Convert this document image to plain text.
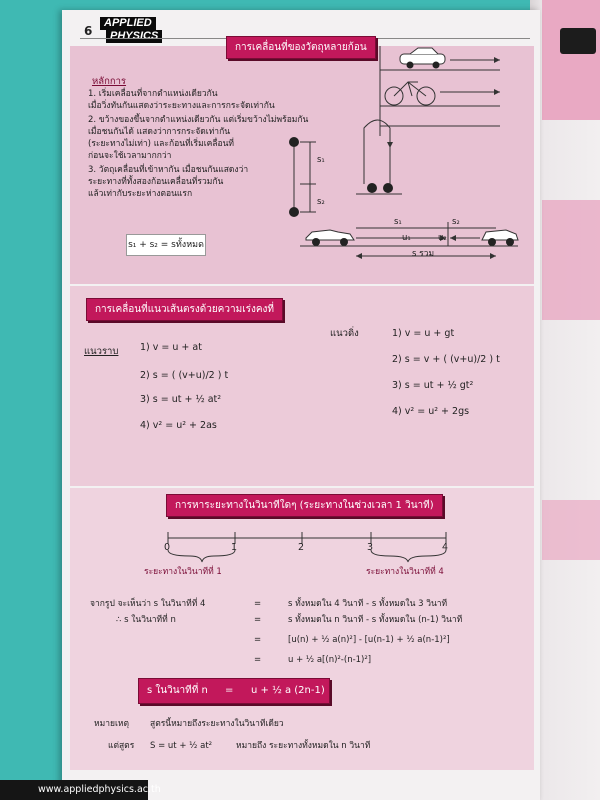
6
APPLIED
PHYSICS
การเคลื่อนที่ของวัตถุหลายก้อน
หลักการ
1. เริ่มเคลื่อนที่จากตำแหน่งเดียวกัน
เมื่อวิ่งทันกันแสดงว่าระยะทางและการกระจัดเท่ากัน
2. ขว้างของขึ้นจากตำแหน่งเดียวกัน แต่เริ่มขว้างไม่พร้อมกัน
เมื่อชนกันได้ แสดงว่าการกระจัดเท่ากัน
(ระยะทางไม่เท่า) และก้อนที่เริ่มเคลื่อนที่
ก่อนจะใช้เวลามากกว่า
3. วัตถุเคลื่อนที่เข้าหากัน เมื่อชนกันแสดงว่า
ระยะทางที่ทั้งสองก้อนเคลื่อนที่รวมกัน
แล้วเท่ากับระยะห่างตอนแรก
s₁ + s₂ = sทั้งหมด
s₁
s₂
s₁	s₂
u₁	u₂
s รวม
การเคลื่อนที่แนวเส้นตรงด้วยความเร่งคงที่
แนวราบ 1) v = u + at
2) s = ( (v+u)/2 ) t
3) s = ut + ½ at²
4) v² = u² + 2as
แนวดิ่ง	1) v = u + gt
2) s = v + ( (v+u)/2 ) t
3) s = ut + ½ gt²
4) v² = u² + 2gs
การหาระยะทางในวินาทีใดๆ (ระยะทางในช่วงเวลา 1 วินาที)
0	1	2	3	4
ระยะทางในวินาทีที่ 1	ระยะทางในวินาทีที่ 4
จากรูป จะเห็นว่า s ในวินาทีที่ 4	=	s ทั้งหมดใน 4 วินาที - s ทั้งหมดใน 3 วินาที
∴ s ในวินาทีที่ n	=	s ทั้งหมดใน n วินาที - s ทั้งหมดใน (n-1) วินาที
=	[u(n) + ½ a(n)²] - [u(n-1) + ½ a(n-1)²]
=	u + ½ a[(n)²-(n-1)²]
s ในวินาทีที่ n = u + ½ a (2n-1)
หมายเหตุ สูตรนี้หมายถึงระยะทางในวินาทีเดียว
แต่สูตร S = ut + ½ at²	หมายถึง ระยะทางทั้งหมดใน n วินาที
www.appliedphysics.ac.th
